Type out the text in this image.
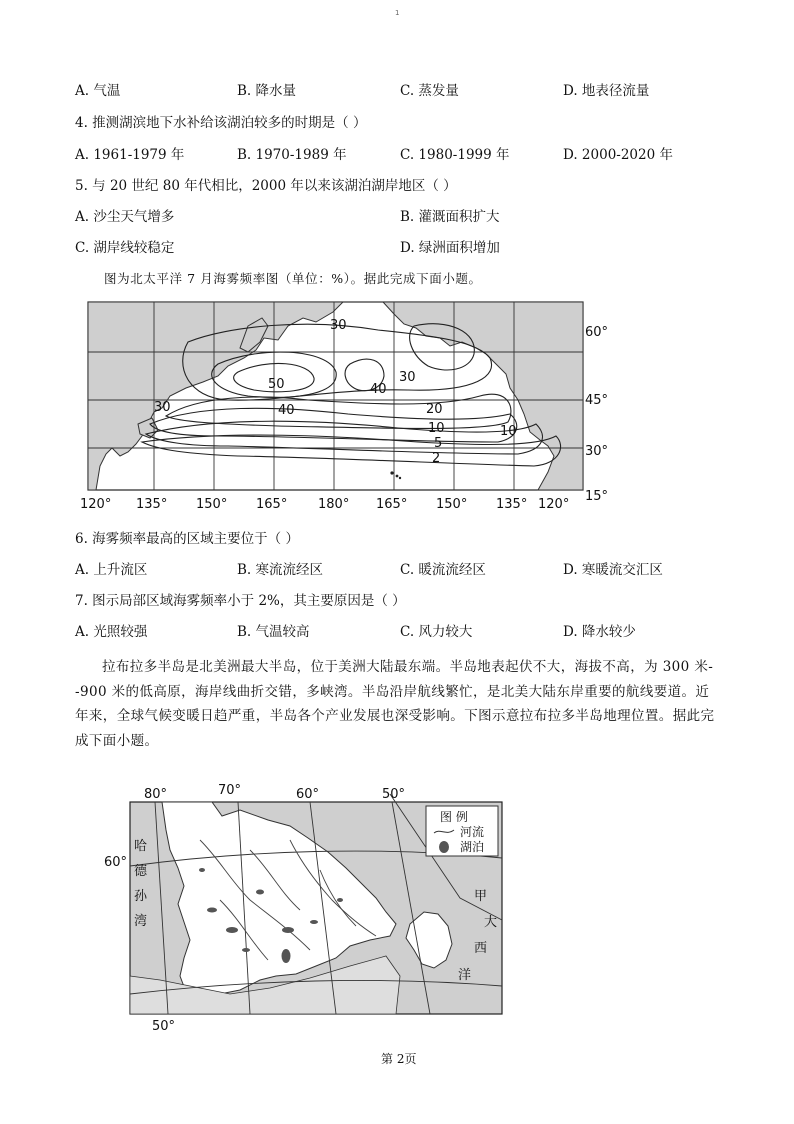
1
A. 气温	B. 降水量	C. 蒸发量	D. 地表径流量
4. 推测湖滨地下水补给该湖泊较多的时期是（ ）
A. 1961-1979 年	B. 1970-1989 年	C. 1980-1999 年	D. 2000-2020 年
5. 与 20 世纪 80 年代相比，2000 年以来该湖泊湖岸地区（ ）
A. 沙尘天气增多	B. 灌溉面积扩大
C. 湖岸线较稳定	D. 绿洲面积增加
图为北太平洋 7 月海雾频率图（单位：%）。据此完成下面小题。
30
50
40
40
30
20
10
5
2
10
30
60°
45°
30°
15°
120° 135° 150° 165° 180° 165° 150° 135° 120°
6. 海雾频率最高的区域主要位于（ ）
A. 上升流区	B. 寒流流经区	C. 暖流流经区	D. 寒暖流交汇区
7. 图示局部区域海雾频率小于 2%，其主要原因是（ ）
A. 光照较强	B. 气温较高	C. 风力较大	D. 降水较少
拉布拉多半岛是北美洲最大半岛，位于美洲大陆最东端。半岛地表起伏不大，海拔不高，为 300 米--900 米的低高原，海岸线曲折交错，多峡湾。半岛沿岸航线繁忙，是北美大陆东岸重要的航线要道。近年来，全球气候变暖日趋严重，半岛各个产业发展也深受影响。下图示意拉布拉多半岛地理位置。据此完成下面小题。
图 例
河流
湖泊
哈
德
孙
湾
甲
大
西
洋
80°	70°	60°	50°
60°
50°
第 2页
